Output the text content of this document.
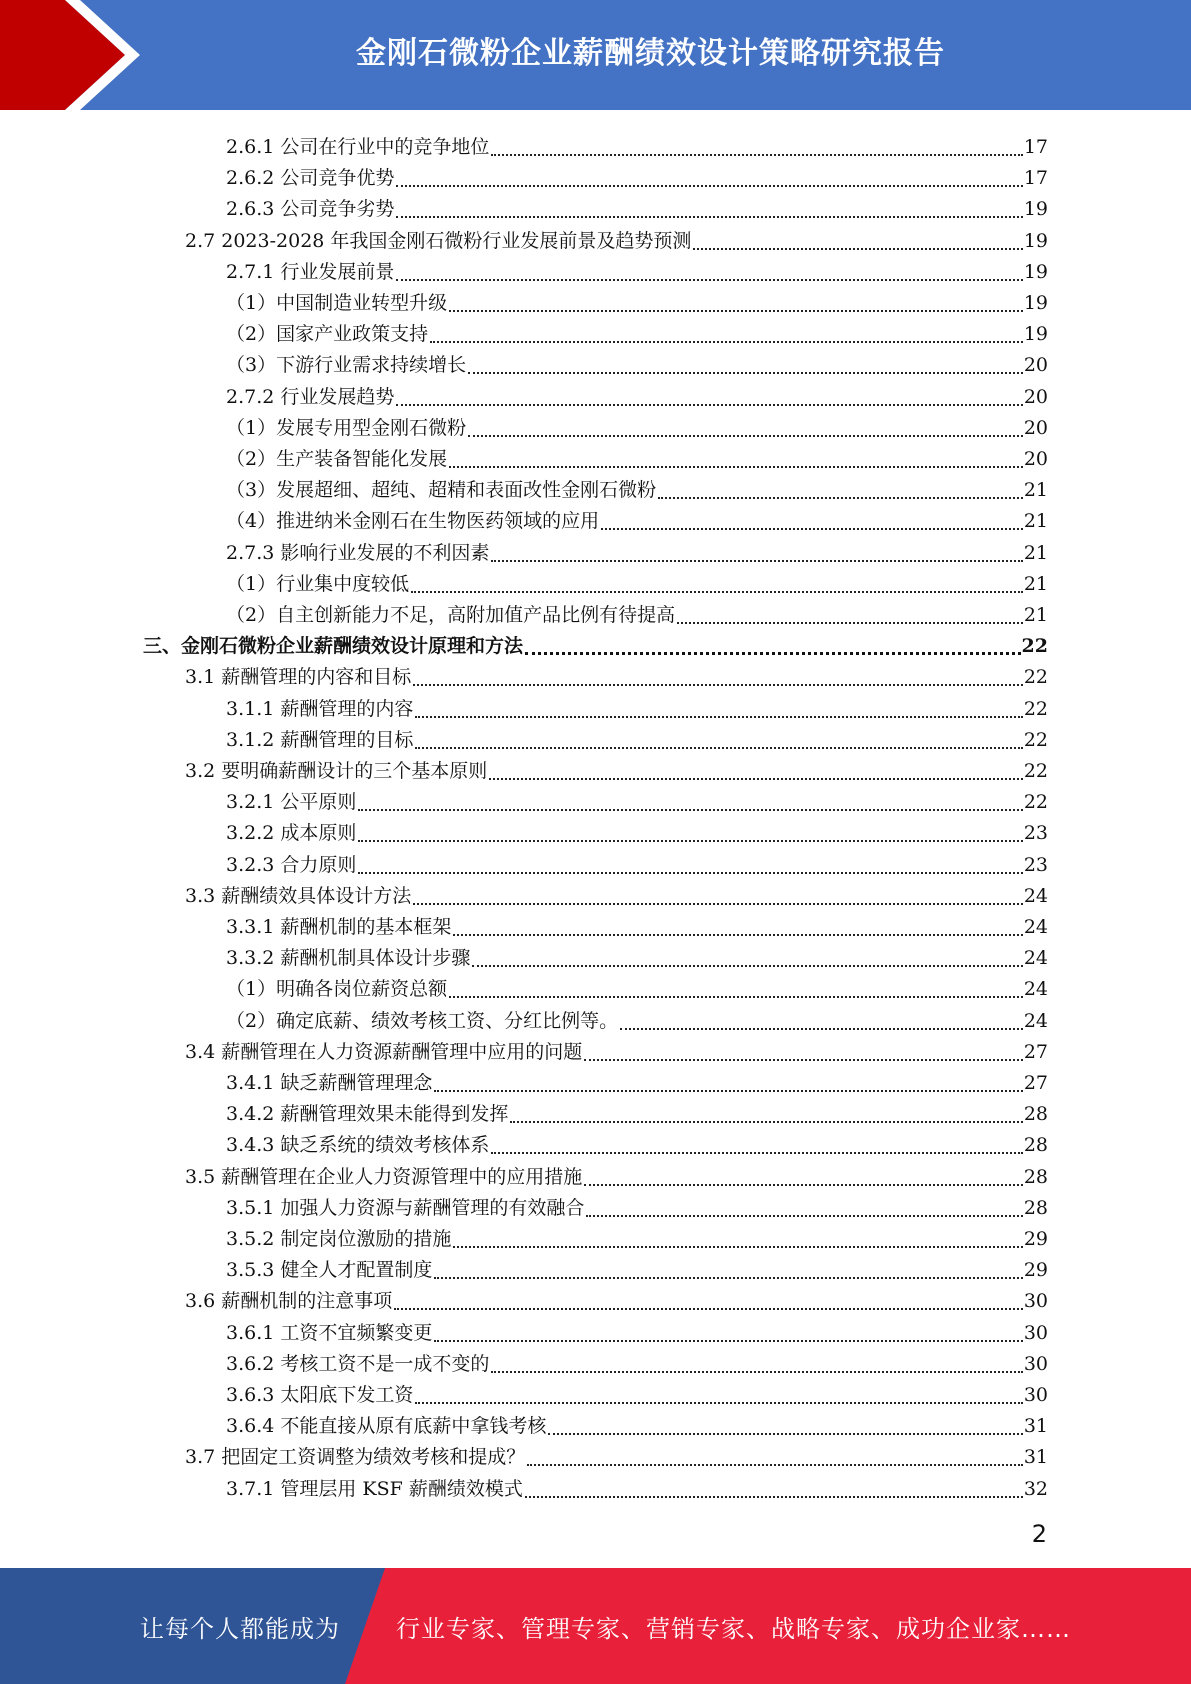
金刚石微粉企业薪酬绩效设计策略研究报告
2.6.1 公司在行业中的竞争地位	17
2.6.2 公司竞争优势	17
2.6.3 公司竞争劣势	19
2.7 2023-2028 年我国金刚石微粉行业发展前景及趋势预测	19
2.7.1 行业发展前景	19
（1）中国制造业转型升级	19
（2）国家产业政策支持	19
（3）下游行业需求持续增长	20
2.7.2 行业发展趋势	20
（1）发展专用型金刚石微粉	20
（2）生产装备智能化发展	20
（3）发展超细、超纯、超精和表面改性金刚石微粉	21
（4）推进纳米金刚石在生物医药领域的应用	21
2.7.3 影响行业发展的不利因素	21
（1）行业集中度较低	21
（2）自主创新能力不足，高附加值产品比例有待提高	21
三、金刚石微粉企业薪酬绩效设计原理和方法	22
3.1 薪酬管理的内容和目标	22
3.1.1 薪酬管理的内容	22
3.1.2 薪酬管理的目标	22
3.2 要明确薪酬设计的三个基本原则	22
3.2.1 公平原则	22
3.2.2 成本原则	23
3.2.3 合力原则	23
3.3 薪酬绩效具体设计方法	24
3.3.1 薪酬机制的基本框架	24
3.3.2 薪酬机制具体设计步骤	24
（1）明确各岗位薪资总额	24
（2）确定底薪、绩效考核工资、分红比例等。	24
3.4 薪酬管理在人力资源薪酬管理中应用的问题	27
3.4.1 缺乏薪酬管理理念	27
3.4.2 薪酬管理效果未能得到发挥	28
3.4.3 缺乏系统的绩效考核体系	28
3.5 薪酬管理在企业人力资源管理中的应用措施	28
3.5.1 加强人力资源与薪酬管理的有效融合	28
3.5.2 制定岗位激励的措施	29
3.5.3 健全人才配置制度	29
3.6 薪酬机制的注意事项	30
3.6.1 工资不宜频繁变更	30
3.6.2 考核工资不是一成不变的	30
3.6.3 太阳底下发工资	30
3.6.4 不能直接从原有底薪中拿钱考核	31
3.7 把固定工资调整为绩效考核和提成？	31
3.7.1 管理层用 KSF 薪酬绩效模式	32
2
让每个人都能成为 行业专家、管理专家、营销专家、战略专家、成功企业家……
